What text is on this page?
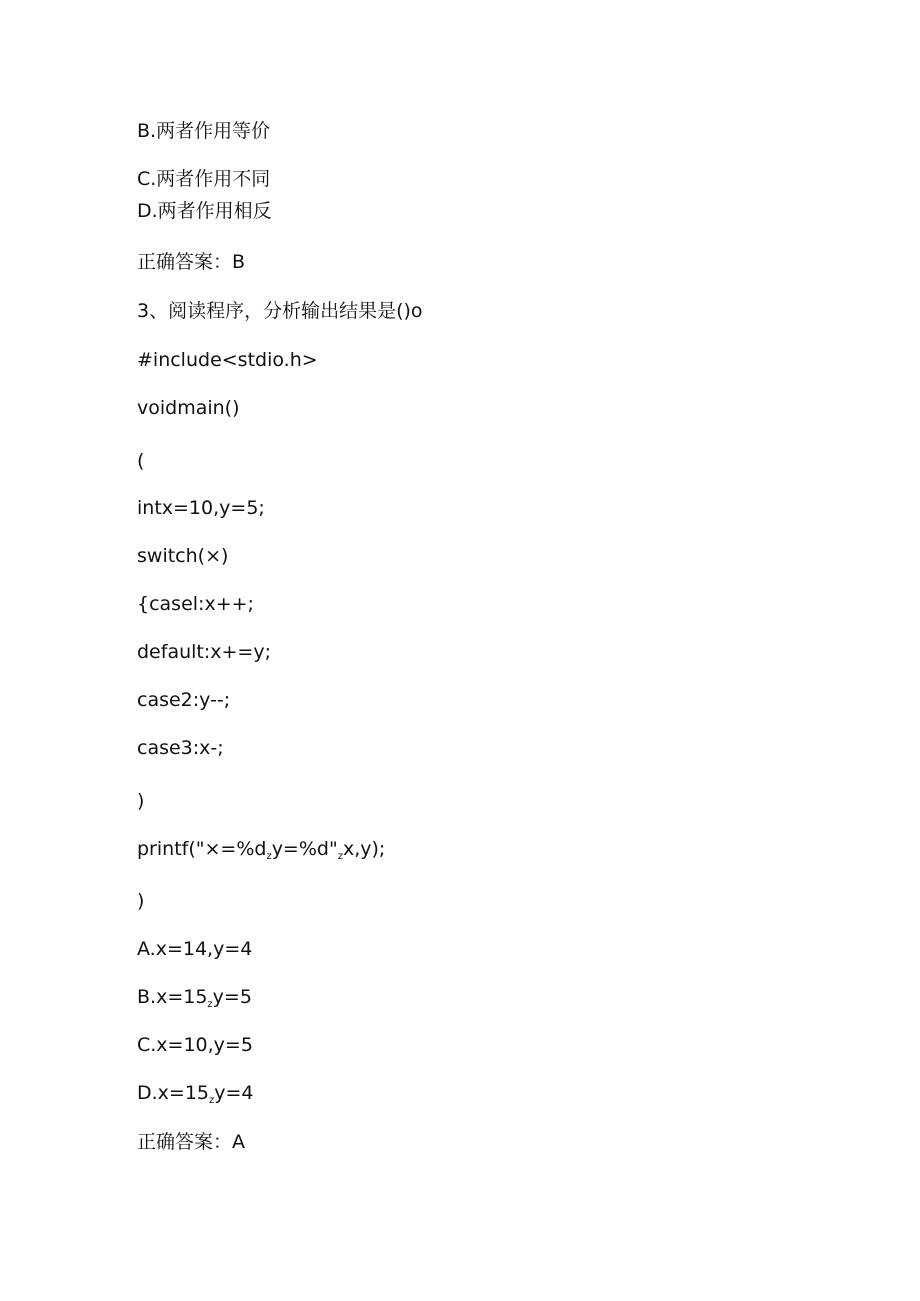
B.两者作用等价
C.两者作用不同
D.两者作用相反
正确答案：B
3、阅读程序，分析输出结果是()o
#include<stdio.h>
voidmain()
(
intx=10,y=5;
switch(×)
{casel:x++;
default:x+=y;
case2:y--;
case3:x-;
)
$printf("\times=\%d_zy=\%d"_zx,y)$;
)
A.x=14,y=4
$B.x=15_zy=5$
C.x=10,y=5
$D.x=15_zy=4$
正确答案：A
